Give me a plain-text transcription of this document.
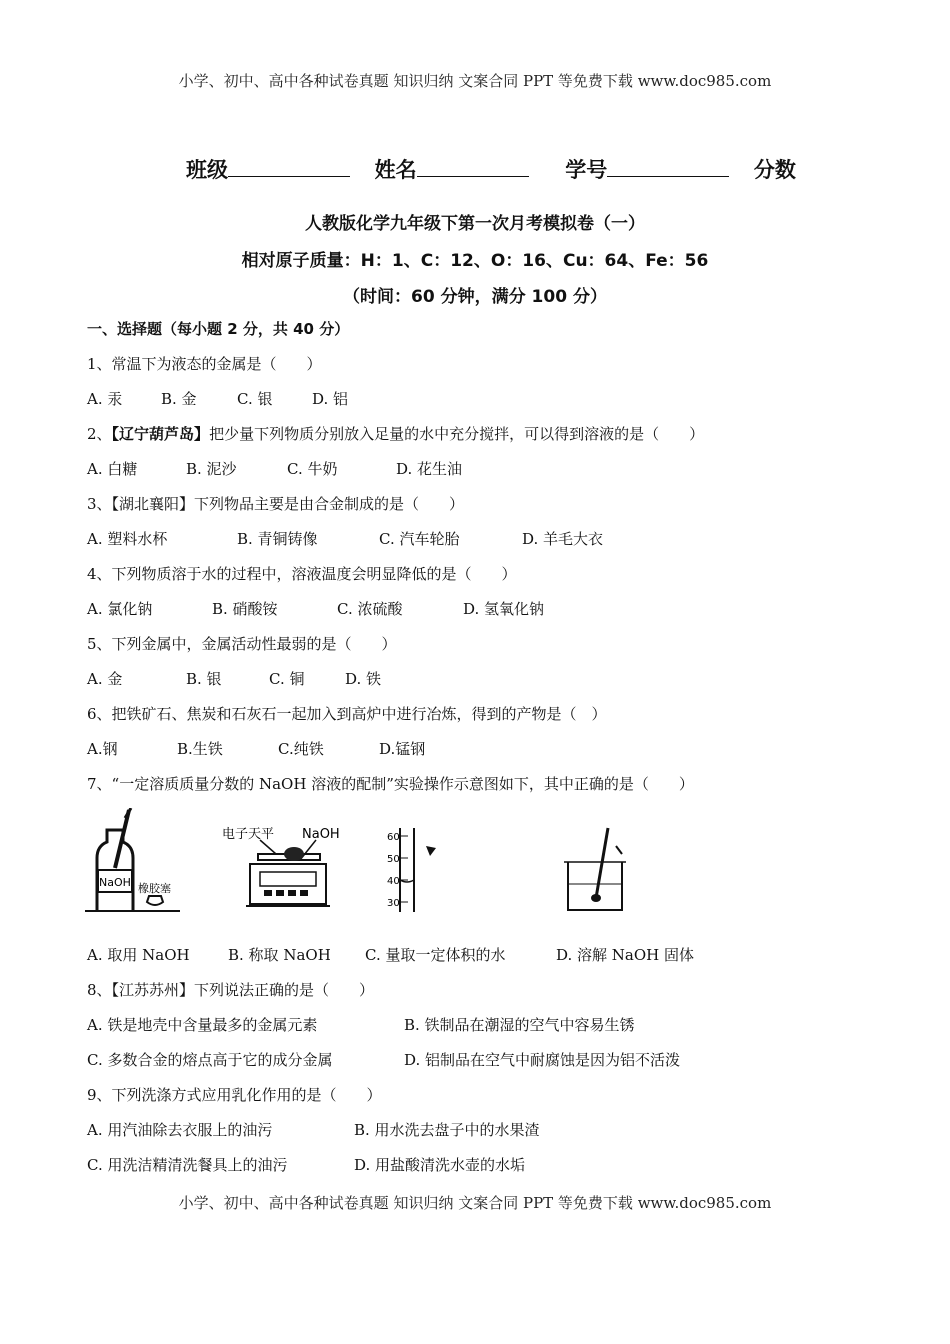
小学、初中、高中各种试卷真题 知识归纳 文案合同 PPT 等免费下载 www.doc985.com
班级	姓名	学号	分数
人教版化学九年级下第一次月考模拟卷（一）
相对原子质量：H：1、C：12、O：16、Cu：64、Fe：56
（时间：60 分钟，满分 100 分）
一、选择题（每小题 2 分，共 40 分）
1、常温下为液态的金属是（　　）
A. 汞	B. 金	C. 银	D. 铝
2、【辽宁葫芦岛】把少量下列物质分别放入足量的水中充分搅拌，可以得到溶液的是（　　）
A. 白糖	B. 泥沙	C. 牛奶	D. 花生油
3、【湖北襄阳】下列物品主要是由合金制成的是（　　）
A. 塑料水杯	B. 青铜铸像	C. 汽车轮胎	D. 羊毛大衣
4、下列物质溶于水的过程中，溶液温度会明显降低的是（　　）
A. 氯化钠	B. 硝酸铵	C. 浓硫酸	D. 氢氧化钠
5、下列金属中，金属活动性最弱的是（　　）
A. 金	B. 银	C. 铜	D. 铁
6、把铁矿石、焦炭和石灰石一起加入到高炉中进行冶炼，得到的产物是（　）
A.钢	B.生铁	C.纯铁	D.锰钢
7、“一定溶质质量分数的 NaOH 溶液的配制”实验操作示意图如下，其中正确的是（　　）
NaOH 橡胶塞
电子天平 NaOH	60
50
40
30
A. 取用 NaOH	B. 称取 NaOH C. 量取一定体积的水	D. 溶解 NaOH 固体
8、【江苏苏州】下列说法正确的是（　　）
A. 铁是地壳中含量最多的金属元素	B. 铁制品在潮湿的空气中容易生锈
C. 多数合金的熔点高于它的成分金属	D. 铝制品在空气中耐腐蚀是因为铝不活泼
9、下列洗涤方式应用乳化作用的是（　　）
A. 用汽油除去衣服上的油污	B. 用水洗去盘子中的水果渣
C. 用洗洁精清洗餐具上的油污	D. 用盐酸清洗水壶的水垢
小学、初中、高中各种试卷真题 知识归纳 文案合同 PPT 等免费下载 www.doc985.com
